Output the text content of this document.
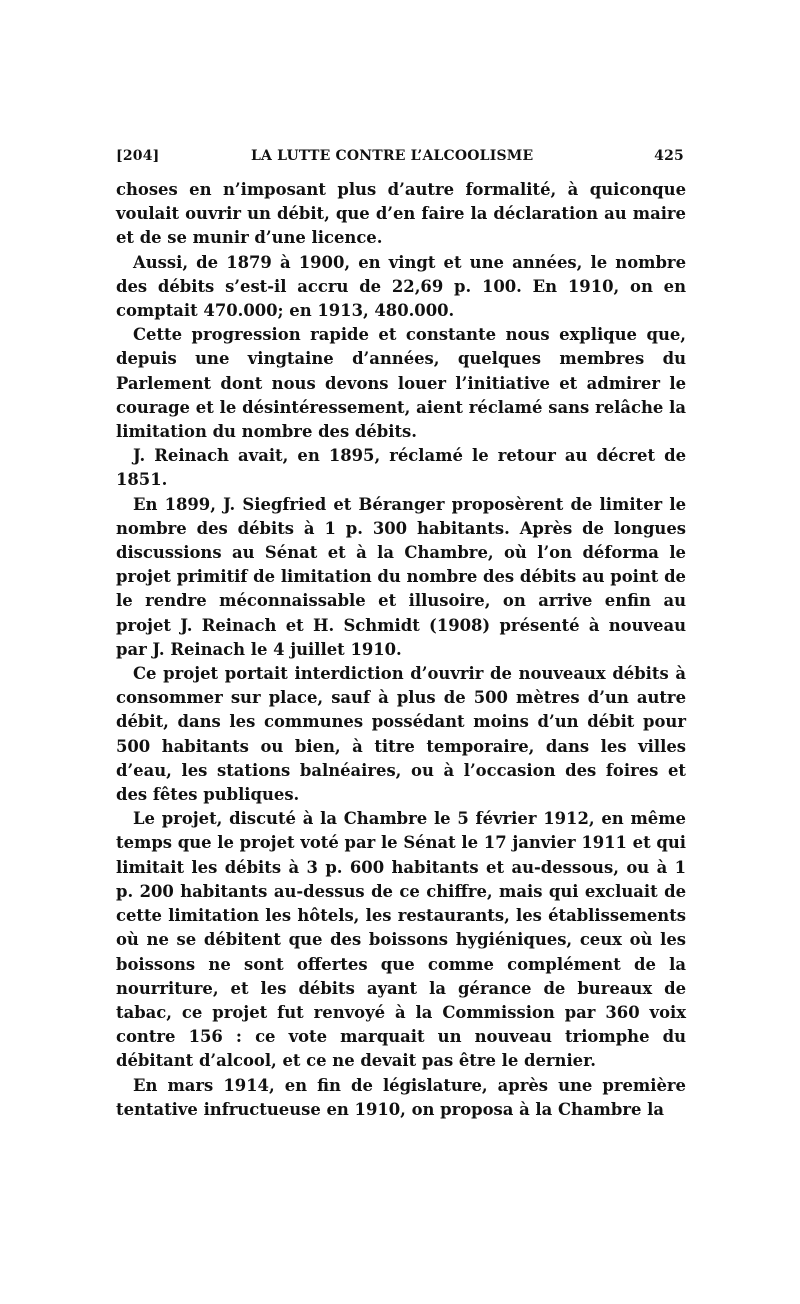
[204]	LA LUTTE CONTRE L’ALCOOLISME	425

choses en n’imposant plus d’autre formalité, à quiconque voulait ouvrir un débit, que d’en faire la déclaration au maire et de se munir d’une licence.

Aussi, de 1879 à 1900, en vingt et une années, le nombre des débits s’est-il accru de 22,69 p. 100. En 1910, on en comptait 470.000; en 1913, 480.000.

Cette progression rapide et constante nous explique que, depuis une vingtaine d’années, quelques membres du Parlement dont nous devons louer l’initiative et admirer le courage et le désintéressement, aient réclamé sans relâche la limitation du nombre des débits.

J. Reinach avait, en 1895, réclamé le retour au décret de 1851.

En 1899, J. Siegfried et Béranger proposèrent de limiter le nombre des débits à 1 p. 300 habitants. Après de longues discussions au Sénat et à la Chambre, où l’on déforma le projet primitif de limitation du nombre des débits au point de le rendre méconnaissable et illusoire, on arrive enfin au projet J. Reinach et H. Schmidt (1908) présenté à nouveau par J. Reinach le 4 juillet 1910.

Ce projet portait interdiction d’ouvrir de nouveaux débits à consommer sur place, sauf à plus de 500 mètres d’un autre débit, dans les communes possédant moins d’un débit pour 500 habitants ou bien, à titre temporaire, dans les villes d’eau, les stations balnéaires, ou à l’occasion des foires et des fêtes publiques.

Le projet, discuté à la Chambre le 5 février 1912, en même temps que le projet voté par le Sénat le 17 janvier 1911 et qui limitait les débits à 3 p. 600 habitants et au-dessous, ou à 1 p. 200 habitants au-dessus de ce chiffre, mais qui excluait de cette limitation les hôtels, les restaurants, les établissements où ne se débitent que des boissons hygiéniques, ceux où les boissons ne sont offertes que comme complément de la nourriture, et les débits ayant la gérance de bureaux de tabac, ce projet fut renvoyé à la Commission par 360 voix contre 156 : ce vote marquait un nouveau triomphe du débitant d’alcool, et ce ne devait pas être le dernier.

En mars 1914, en fin de législature, après une première tentative infructueuse en 1910, on proposa à la Chambre la
